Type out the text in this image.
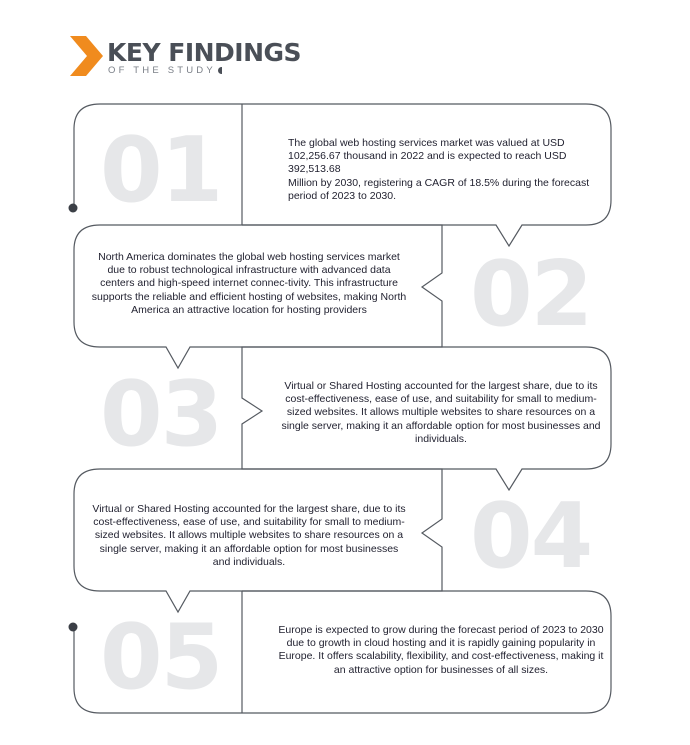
KEY FINDINGS
OF THE STUDY
01
02
03
04
05

The global web hosting services market was valued at USD 102,256.67 thousand in 2022 and is expected to reach USD 392,513.68
Million by 2030, registering a CAGR of 18.5% during the forecast period of 2023 to 2030.

North America dominates the global web hosting services market due to robust technological infrastructure with advanced data centers and high-speed internet connec-tivity. This infrastructure supports the reliable and efficient hosting of websites, making North America an attractive location for hosting providers

Virtual or Shared Hosting accounted for the largest share, due to its cost-effectiveness, ease of use, and suitability for small to medium-sized websites. It allows multiple websites to share resources on a single server, making it an affordable option for most businesses and individuals.

Virtual or Shared Hosting accounted for the largest share, due to its cost-effectiveness, ease of use, and suitability for small to medium-sized websites. It allows multiple websites to share resources on a single server, making it an affordable option for most businesses and individuals.

Europe is expected to grow during the forecast period of 2023 to 2030 due to growth in cloud hosting and it is rapidly gaining popularity in Europe. It offers scalability, flexibility, and cost-effectiveness, making it an attractive option for businesses of all sizes.
